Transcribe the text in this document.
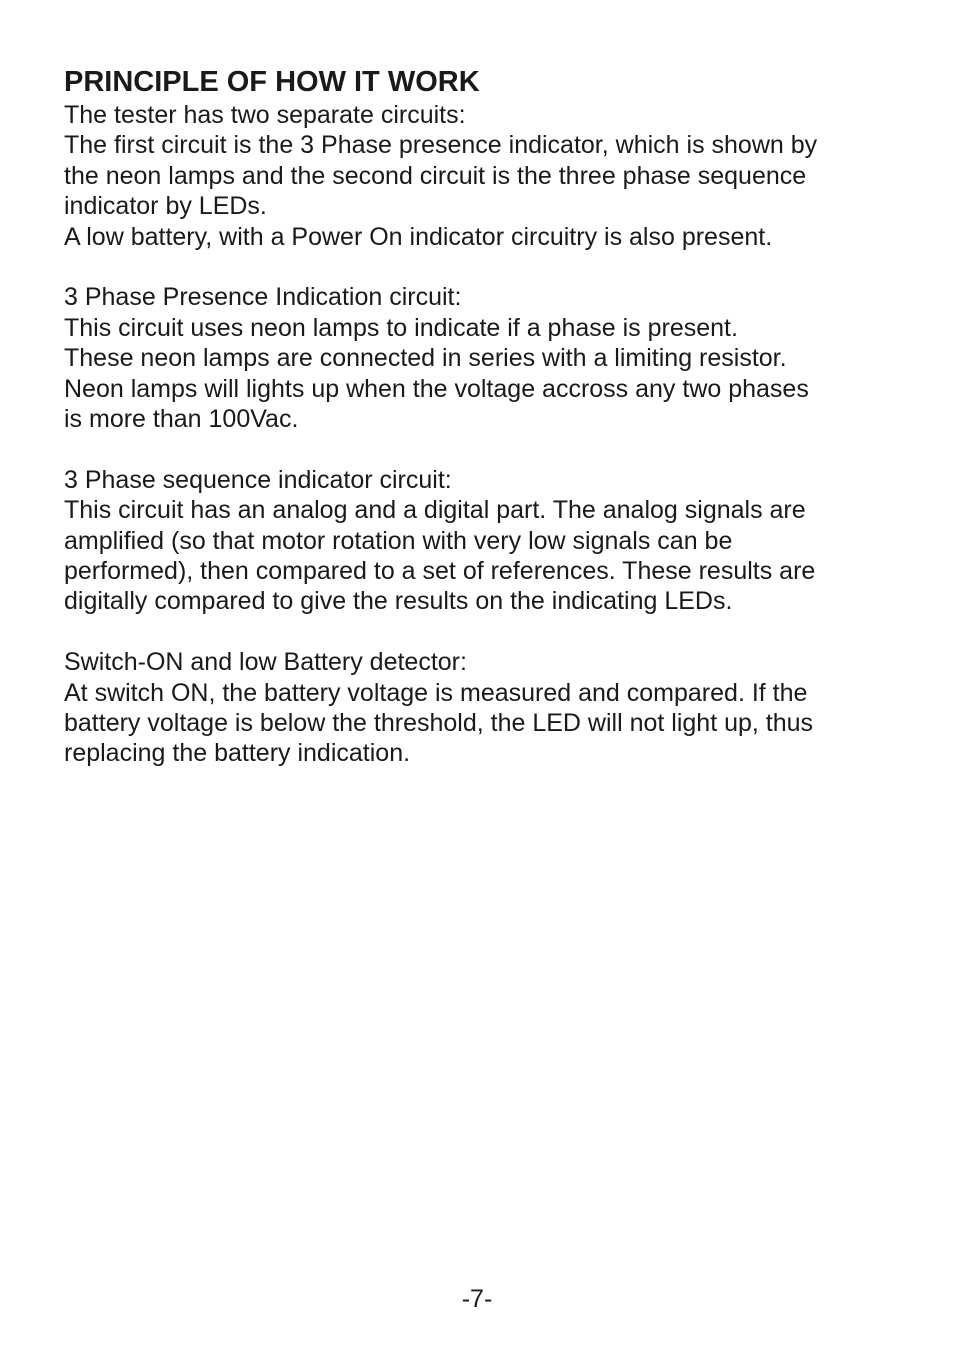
PRINCIPLE OF HOW IT WORK
The tester has two separate circuits:
The first circuit is the 3 Phase presence indicator, which is shown by
the neon lamps and the second circuit is the three phase sequence
indicator by LEDs.
A low battery, with a Power On indicator circuitry is also present.
3 Phase Presence Indication circuit:
This circuit uses neon lamps to indicate if a phase is present.
These neon lamps are connected in series with a limiting resistor.
Neon lamps will lights up when the voltage accross any two phases
is more than 100Vac.
3 Phase sequence indicator circuit:
This circuit has an analog and a digital part. The analog signals are
amplified (so that motor rotation with very low signals can be
performed), then compared to a set of references. These results are
digitally compared to give the results on the indicating LEDs.
Switch-ON and low Battery detector:
At switch ON, the battery voltage is measured and compared. If the
battery voltage is below the threshold, the LED will not light up, thus
replacing the battery indication.
-7-
